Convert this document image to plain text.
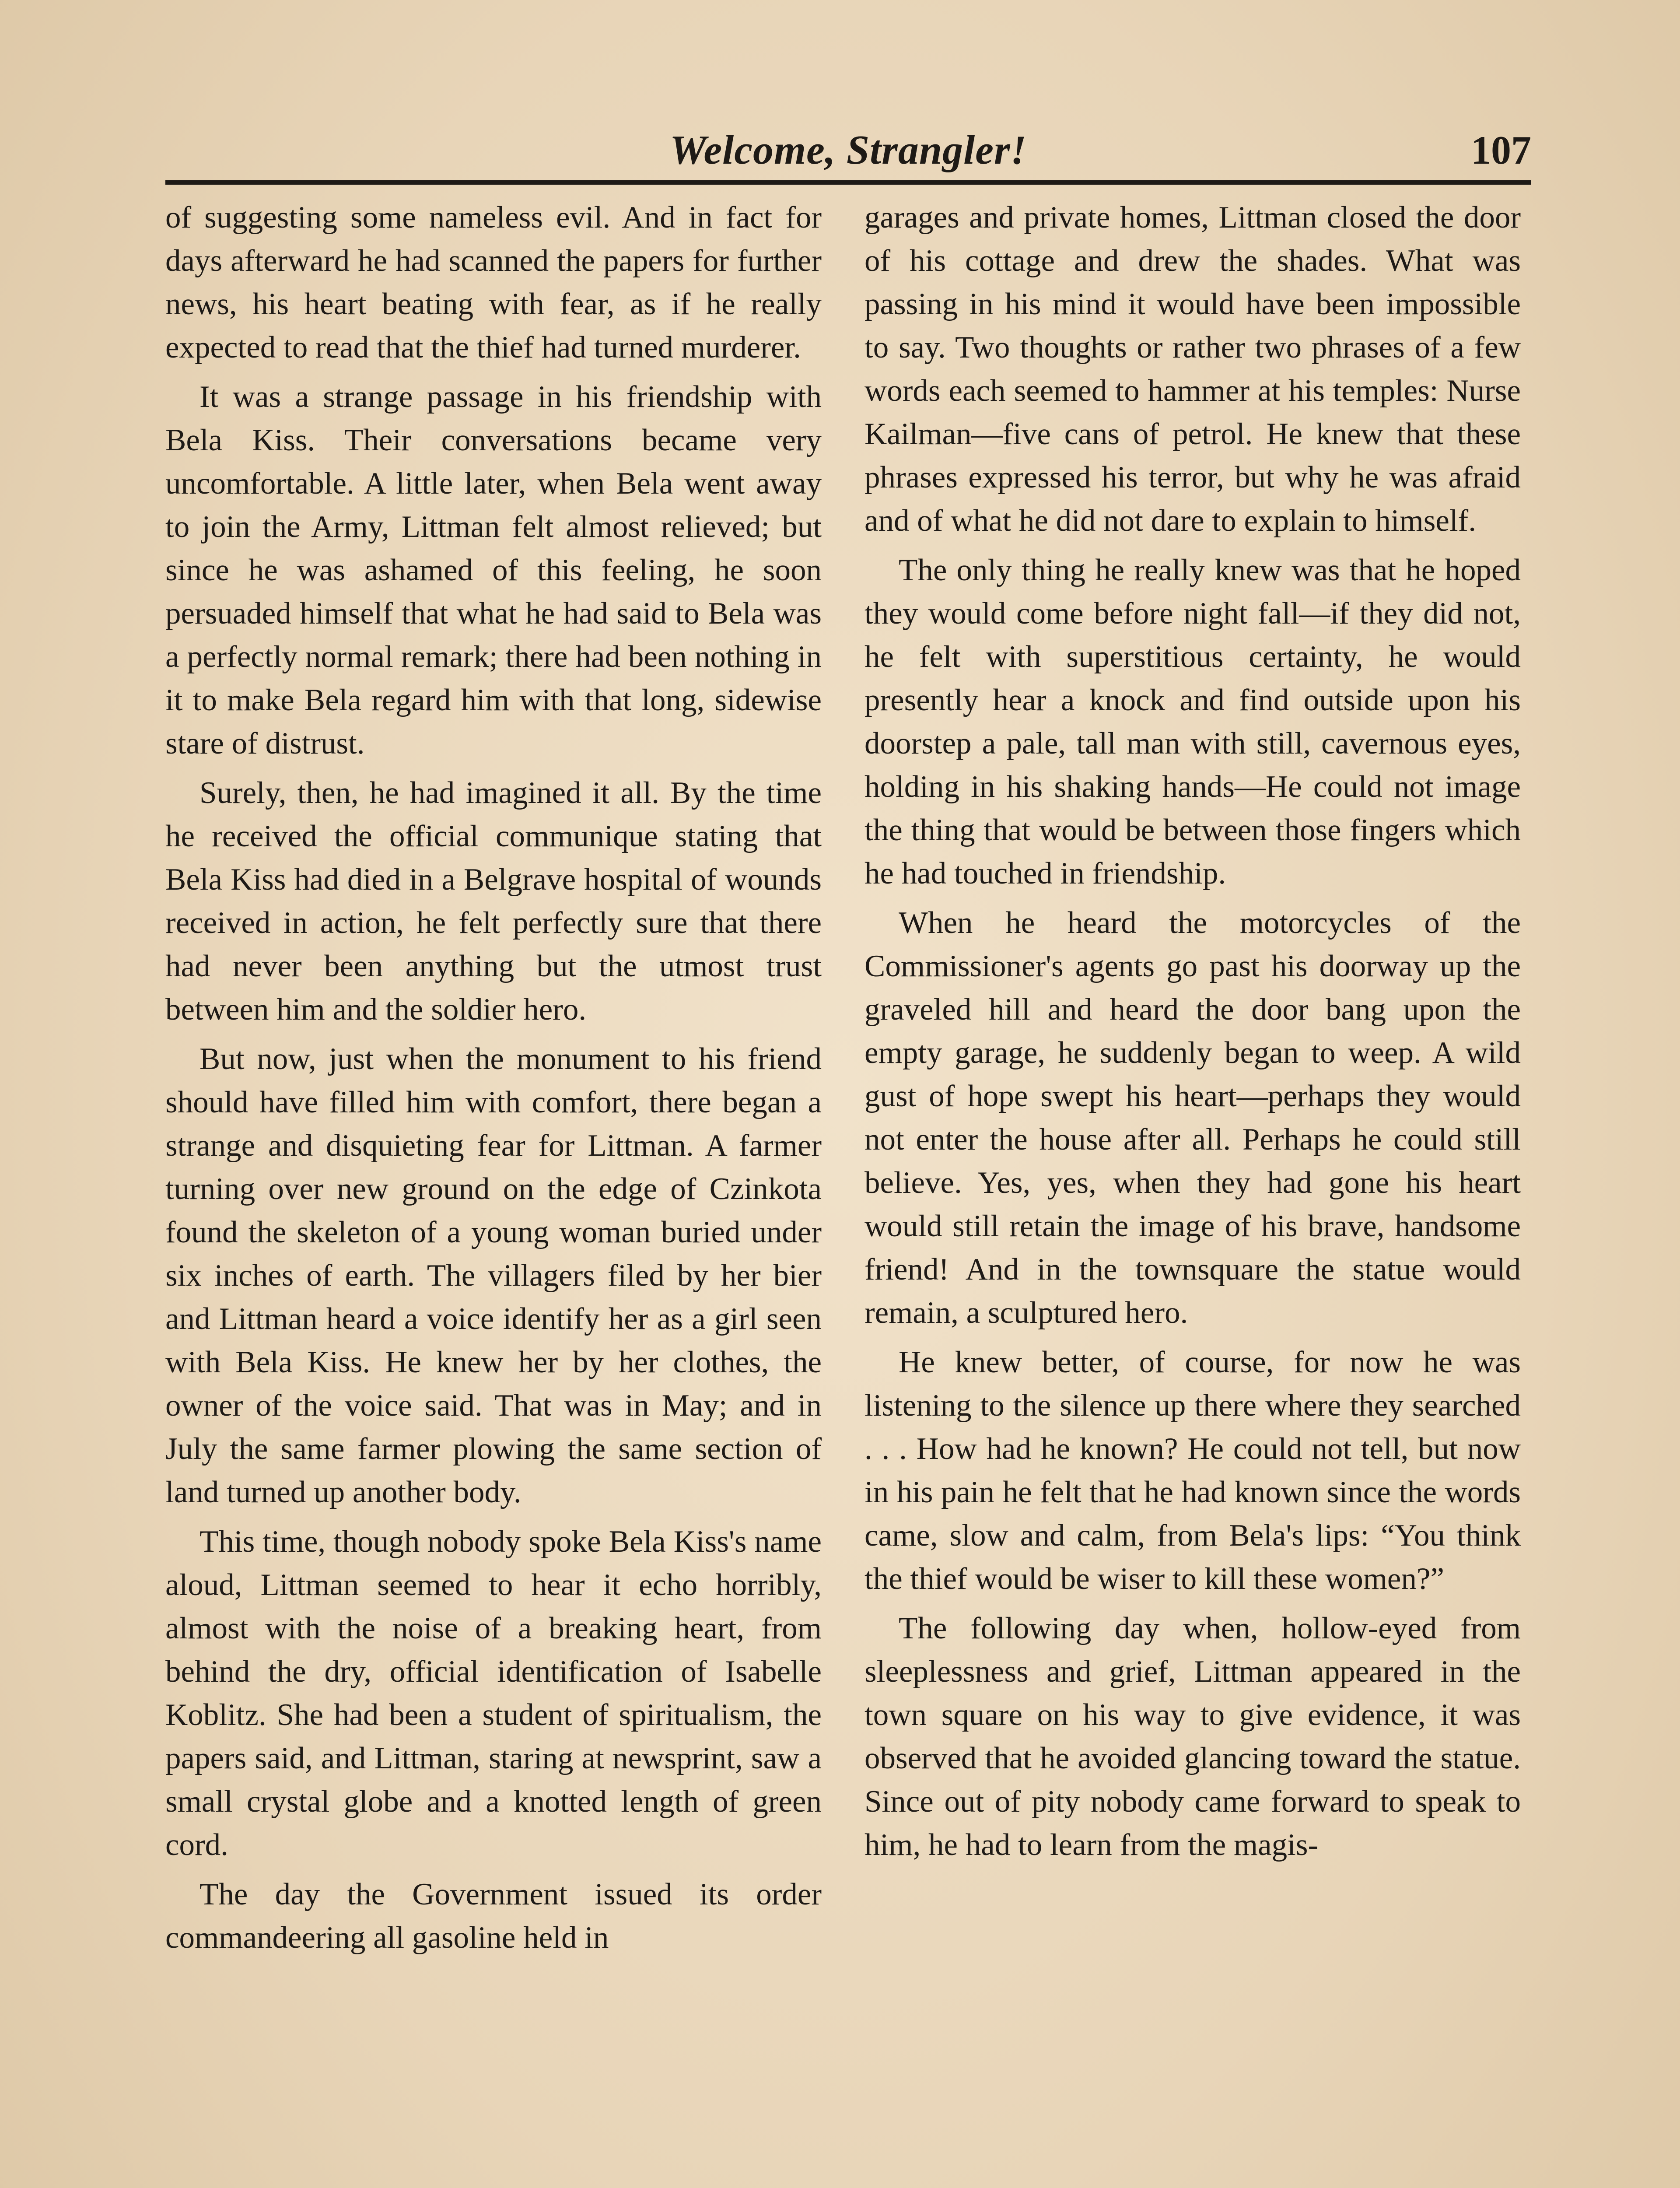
Welcome, Strangler!	107

of suggesting some nameless evil. And in fact for days afterward he had scanned the papers for further news, his heart beating with fear, as if he really expected to read that the thief had turned murderer.

It was a strange passage in his friendship with Bela Kiss. Their conversations became very uncomfortable. A little later, when Bela went away to join the Army, Littman felt almost relieved; but since he was ashamed of this feeling, he soon persuaded himself that what he had said to Bela was a perfectly normal remark; there had been nothing in it to make Bela regard him with that long, sidewise stare of distrust.

Surely, then, he had imagined it all. By the time he received the official communique stating that Bela Kiss had died in a Belgrave hospital of wounds received in action, he felt perfectly sure that there had never been anything but the utmost trust between him and the soldier hero.

But now, just when the monument to his friend should have filled him with comfort, there began a strange and disquieting fear for Littman. A farmer turning over new ground on the edge of Czinkota found the skeleton of a young woman buried under six inches of earth. The villagers filed by her bier and Littman heard a voice identify her as a girl seen with Bela Kiss. He knew her by her clothes, the owner of the voice said. That was in May; and in July the same farmer plowing the same section of land turned up another body.

This time, though nobody spoke Bela Kiss's name aloud, Littman seemed to hear it echo horribly, almost with the noise of a breaking heart, from behind the dry, official identification of Isabelle Koblitz. She had been a student of spiritualism, the papers said, and Littman, staring at newsprint, saw a small crystal globe and a knotted length of green cord.

The day the Government issued its order commandeering all gasoline held in

garages and private homes, Littman closed the door of his cottage and drew the shades. What was passing in his mind it would have been impossible to say. Two thoughts or rather two phrases of a few words each seemed to hammer at his temples: Nurse Kailman—five cans of petrol. He knew that these phrases expressed his terror, but why he was afraid and of what he did not dare to explain to himself.

The only thing he really knew was that he hoped they would come before night fall—if they did not, he felt with superstitious certainty, he would presently hear a knock and find outside upon his doorstep a pale, tall man with still, cavernous eyes, holding in his shaking hands—He could not image the thing that would be between those fingers which he had touched in friendship.

When he heard the motorcycles of the Commissioner's agents go past his doorway up the graveled hill and heard the door bang upon the empty garage, he suddenly began to weep. A wild gust of hope swept his heart—perhaps they would not enter the house after all. Perhaps he could still believe. Yes, yes, when they had gone his heart would still retain the image of his brave, handsome friend! And in the townsquare the statue would remain, a sculptured hero.

He knew better, of course, for now he was listening to the silence up there where they searched . . . How had he known? He could not tell, but now in his pain he felt that he had known since the words came, slow and calm, from Bela's lips: “You think the thief would be wiser to kill these women?”

The following day when, hollow-eyed from sleeplessness and grief, Littman appeared in the town square on his way to give evidence, it was observed that he avoided glancing toward the statue. Since out of pity nobody came forward to speak to him, he had to learn from the magis-
